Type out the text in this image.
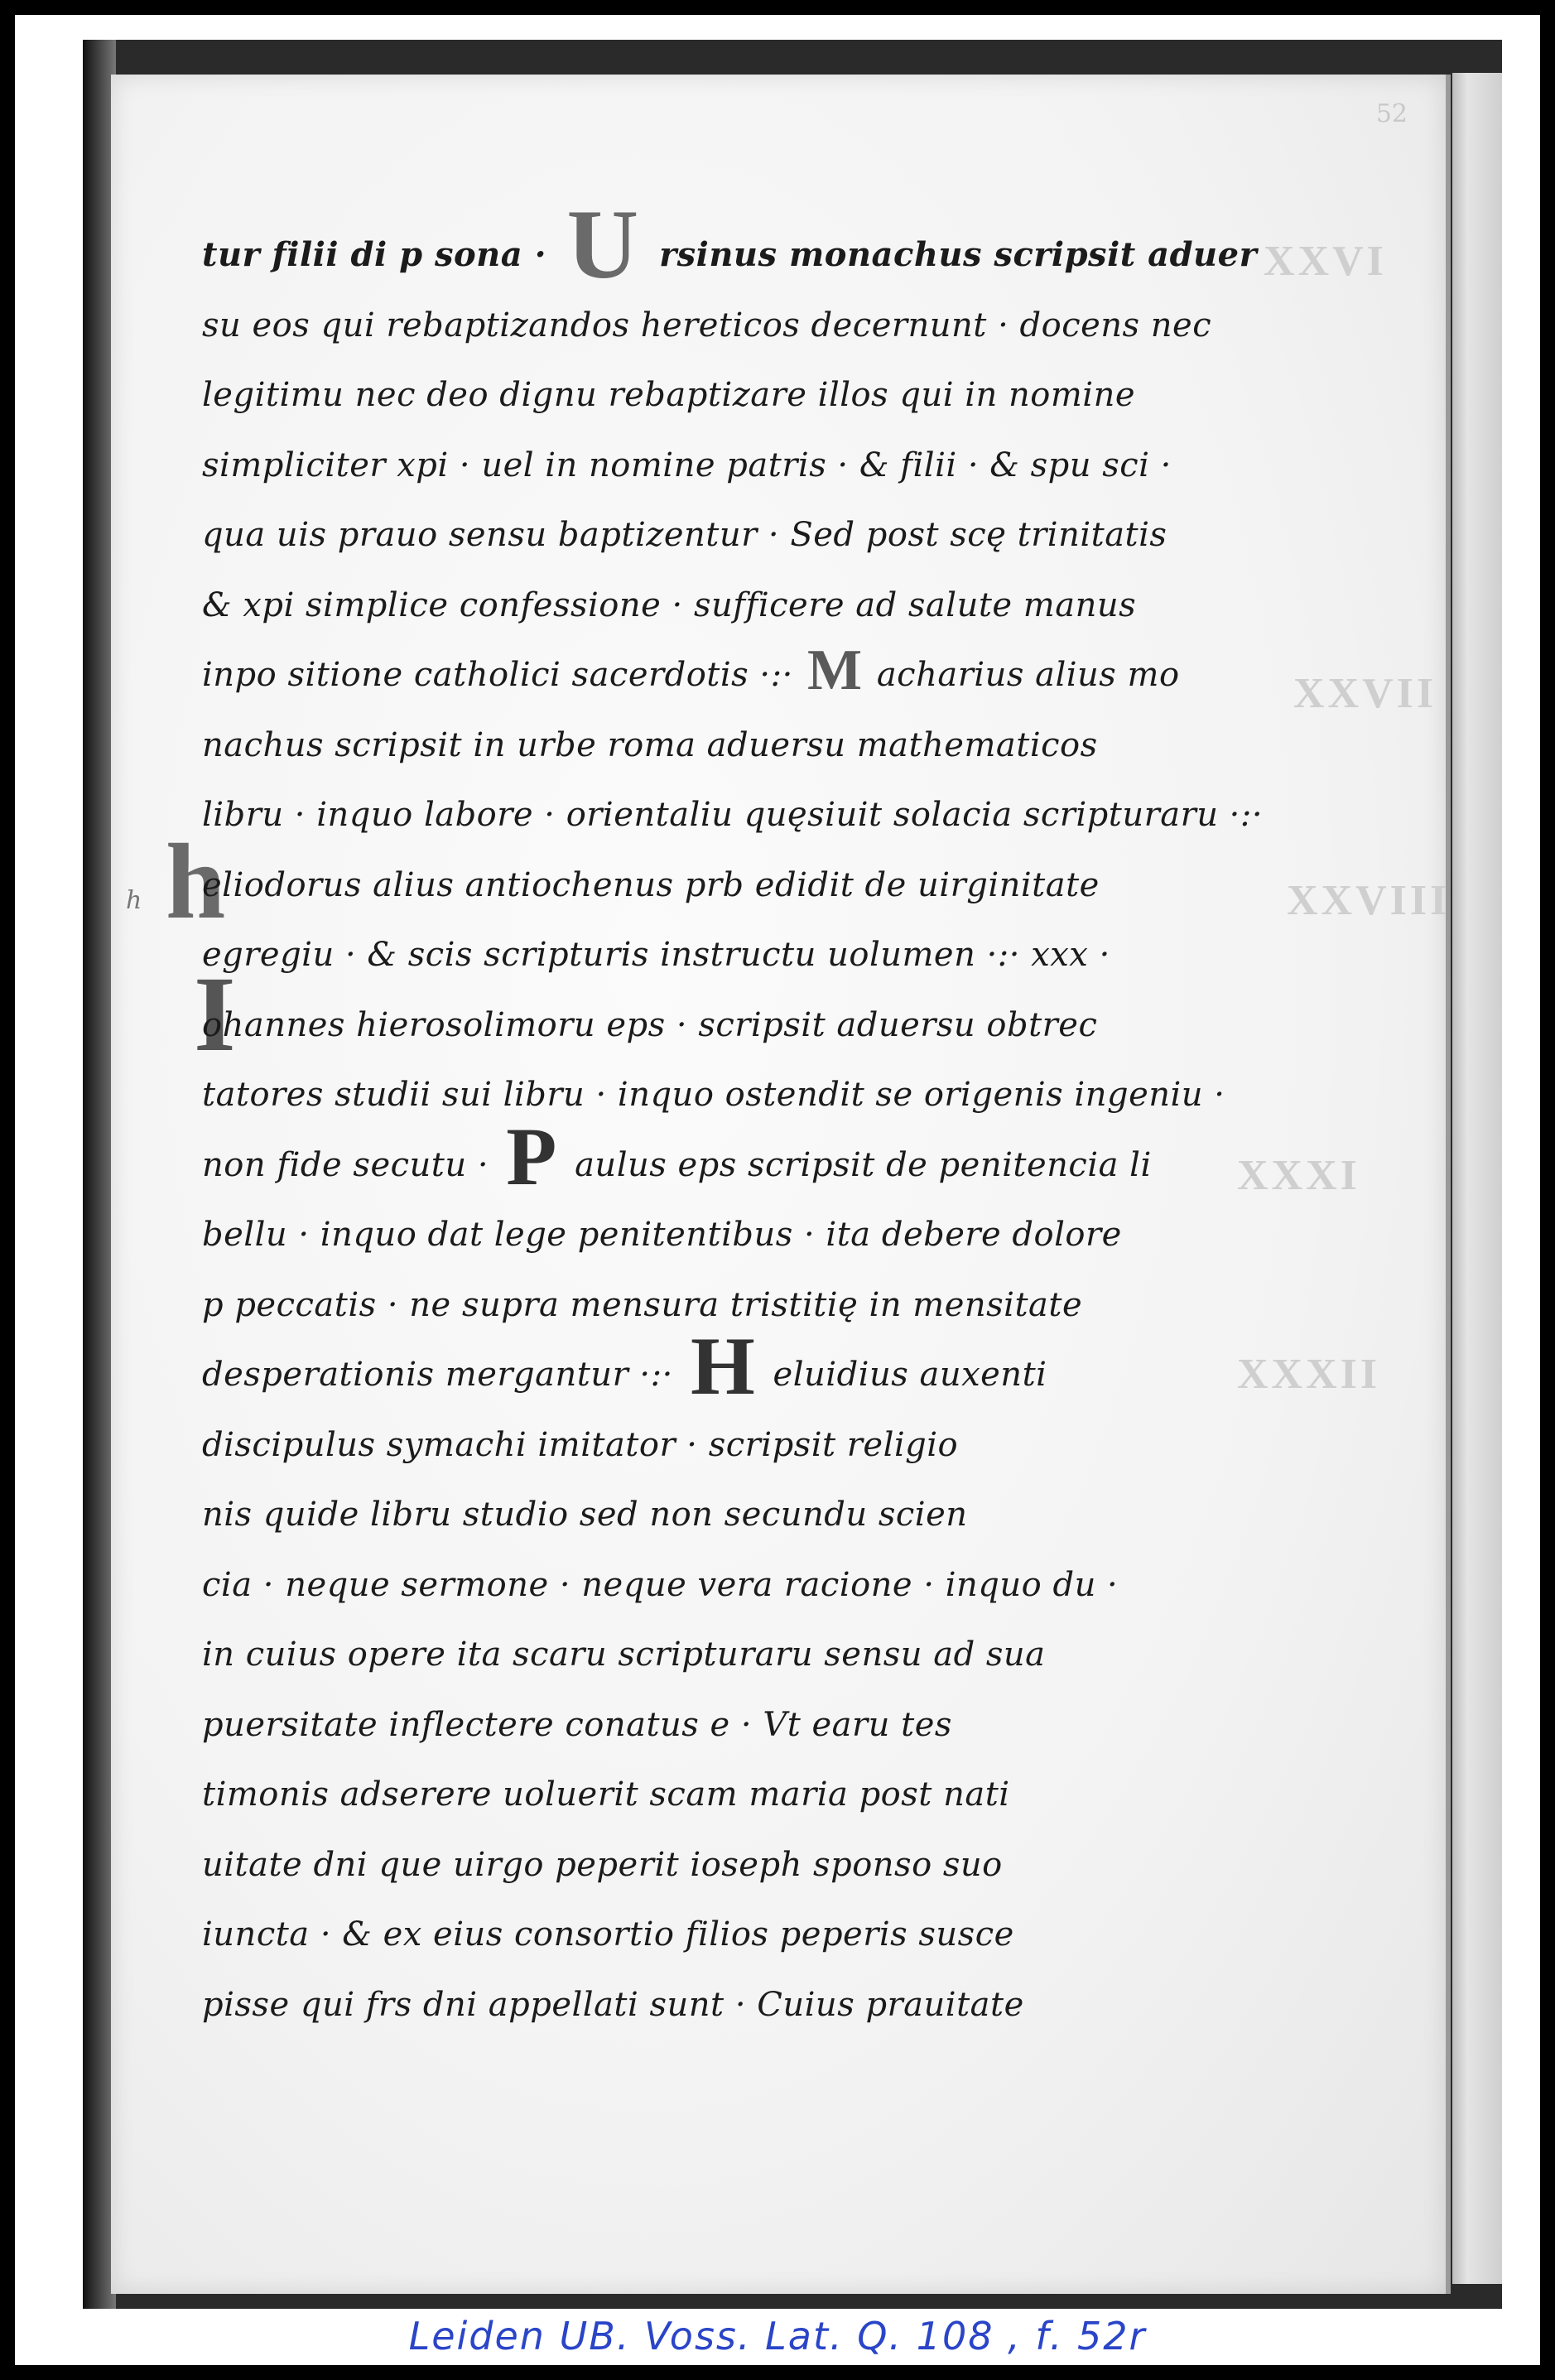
52
h h
I
XXVI
XXVII
XXVIII
XXXI
XXXII
tur filii di p sona · U rsinus monachus scripsit aduer
su eos qui rebaptizandos hereticos decernunt · docens nec
legitimu nec deo dignu rebaptizare illos qui in nomine
simpliciter xpi · uel in nomine patris · & filii · & spu sci ·
qua uis prauo sensu baptizentur · Sed post scę trinitatis
& xpi simplice confessione · sufficere ad salute manus
inpo sitione catholici sacerdotis ·:· M acharius alius mo
nachus scripsit in urbe roma aduersu mathematicos
libru · inquo labore · orientaliu quęsiuit solacia scripturaru ·:·
eliodorus alius antiochenus prb edidit de uirginitate
egregiu · & scis scripturis instructu uolumen ·:· xxx ·
ohannes hierosolimoru eps · scripsit aduersu obtrec
tatores studii sui libru · inquo ostendit se origenis ingeniu ·
non fide secutu · P aulus eps scripsit de penitencia li
bellu · inquo dat lege penitentibus · ita debere dolore
p peccatis · ne supra mensura tristitię in mensitate
desperationis mergantur ·:· H eluidius auxenti
discipulus symachi imitator · scripsit religio
nis quide libru studio sed non secundu scien
cia · neque sermone · neque vera racione · inquo du ·
in cuius opere ita scaru scripturaru sensu ad sua
puersitate inflectere conatus e · Vt earu tes
timonis adserere uoluerit scam maria post nati
uitate dni que uirgo peperit ioseph sponso suo
iuncta · & ex eius consortio filios peperis susce
pisse qui frs dni appellati sunt · Cuius prauitate
Leiden UB. Voss. Lat. Q. 108 , f. 52r
